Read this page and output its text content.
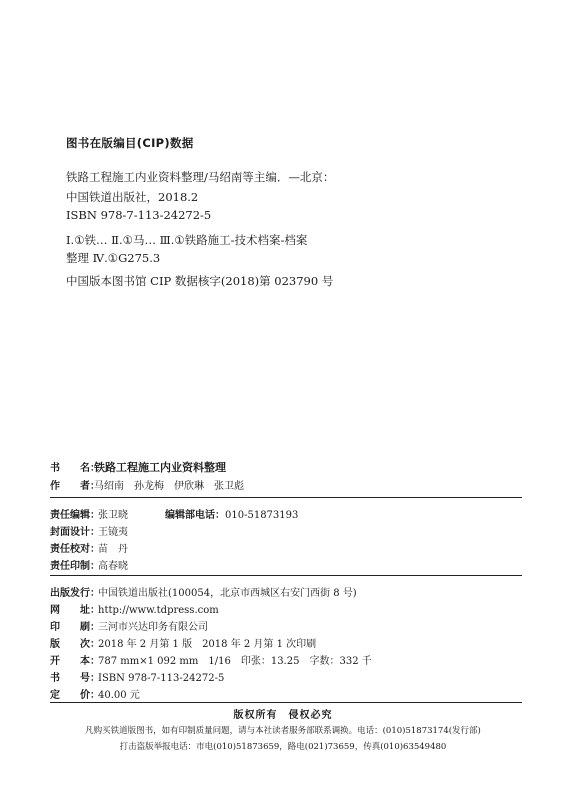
图书在版编目(CIP)数据
铁路工程施工内业资料整理/马绍南等主编．—北京：
中国铁道出版社，2018.2
ISBN 978-7-113-24272-5
Ⅰ.①铁… Ⅱ.①马… Ⅲ.①铁路施工-技术档案-档案
整理 Ⅳ.①G275.3
中国版本图书馆 CIP 数据核字(2018)第 023790 号
书　　名：铁路工程施工内业资料整理
作　　者：马绍南　孙龙梅　伊欣琳　张卫彪
责任编辑：张卫晓	编辑部电话：010-51873193
封面设计：王镜夷
责任校对：苗　丹
责任印制：高春晓
出版发行：中国铁道出版社(100054，北京市西城区右安门西街 8 号)
网　　址：http://www.tdpress.com
印　　刷：三河市兴达印务有限公司
版　　次：2018 年 2 月第 1 版　2018 年 2 月第 1 次印刷
开　　本：787 mm×1 092 mm　1/16　印张：13.25　字数：332 千
书　　号：ISBN 978-7-113-24272-5
定　　价：40.00 元
版权所有　侵权必究
凡购买铁道版图书，如有印制质量问题，请与本社读者服务部联系调换。电话：(010)51873174(发行部)
打击盗版举报电话：市电(010)51873659，路电(021)73659，传真(010)63549480
